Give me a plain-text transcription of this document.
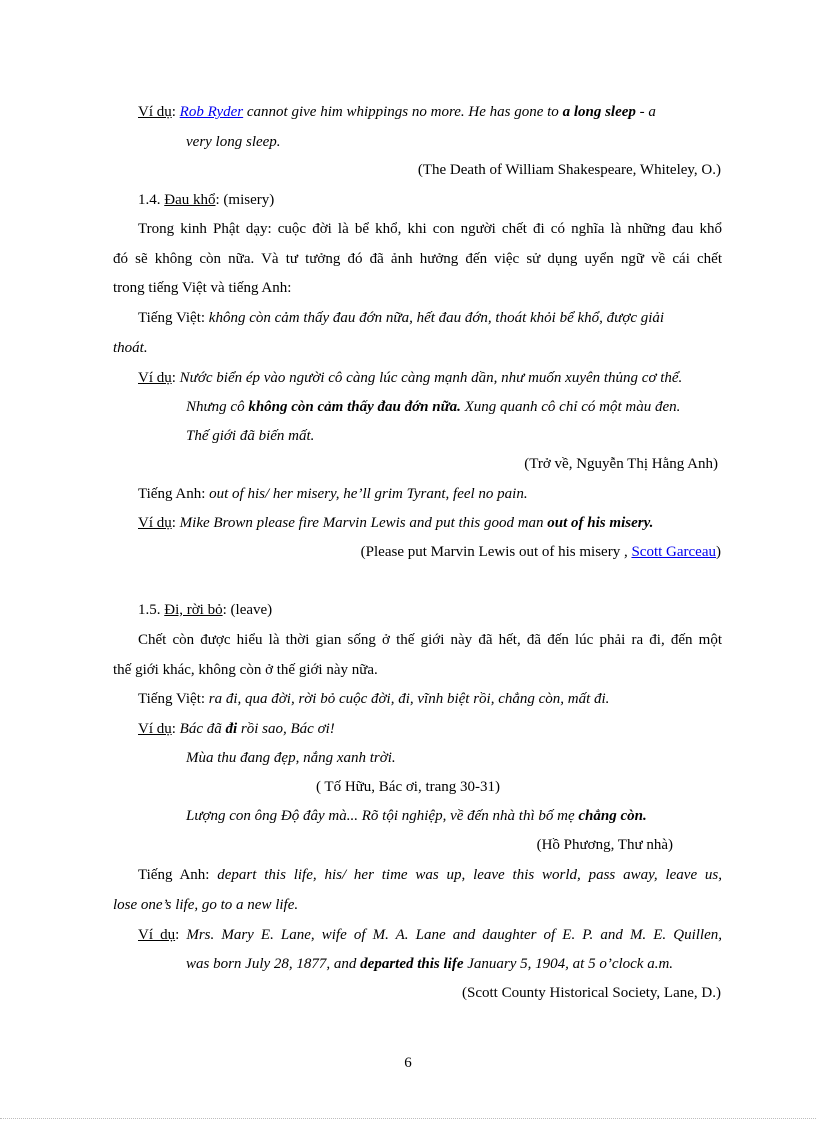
Ví dụ: Rob Ryder cannot give him whippings no more. He has gone to a long sleep - a
very long sleep.
(The Death of William Shakespeare, Whiteley, O.)
1.4. Đau khổ: (misery)
Trong kinh Phật dạy: cuộc đời là bể khổ, khi con người chết đi có nghĩa là những đau khổ
đó sẽ không còn nữa. Và tư tưởng đó đã ảnh hưởng đến việc sử dụng uyển ngữ về cái chết
trong tiếng Việt và tiếng Anh:
Tiếng Việt: không còn cảm thấy đau đớn nữa, hết đau đớn, thoát khỏi bể khổ, được giải
thoát.
Ví dụ: Nước biển ép vào người cô càng lúc càng mạnh dần, như muốn xuyên thủng cơ thể.
Nhưng cô không còn cảm thấy đau đớn nữa. Xung quanh cô chỉ có một màu đen.
Thế giới đã biến mất.
(Trở về, Nguyễn Thị Hằng Anh)
Tiếng Anh: out of his/ her misery, he’ll grim Tyrant, feel no pain.
Ví dụ: Mike Brown please fire Marvin Lewis and put this good man out of his misery.
(Please put Marvin Lewis out of his misery , Scott Garceau)
1.5. Đi, rời bỏ: (leave)
Chết còn được hiểu là thời gian sống ở thế giới này đã hết, đã đến lúc phải ra đi, đến một
thế giới khác, không còn ở thế giới này nữa.
Tiếng Việt: ra đi, qua đời, rời bỏ cuộc đời, đi, vĩnh biệt rồi, chẳng còn, mất đi.
Ví dụ: Bác đã đi rồi sao, Bác ơi!
Mùa thu đang đẹp, nắng xanh trời.
( Tố Hữu, Bác ơi, trang 30-31)
Lượng con ông Độ đây mà... Rõ tội nghiệp, về đến nhà thì bố mẹ chẳng còn.
(Hồ Phương, Thư nhà)
Tiếng Anh: depart this life, his/ her time was up, leave this world, pass away, leave us,
lose one’s life, go to a new life.
Ví dụ: Mrs. Mary E. Lane, wife of M. A. Lane and daughter of E. P. and M. E. Quillen,
was born July 28, 1877, and departed this life January 5, 1904, at 5 o’clock a.m.
(Scott County Historical Society, Lane, D.)
6
